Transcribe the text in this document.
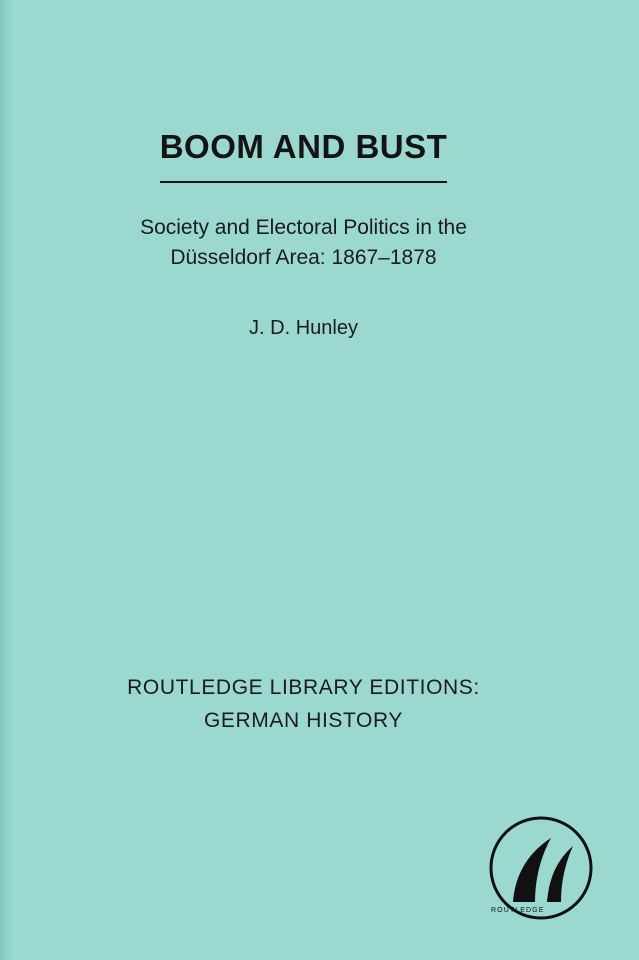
BOOM AND BUST
Society and Electoral Politics in the
Düsseldorf Area: 1867–1878
J. D. Hunley
ROUTLEDGE LIBRARY EDITIONS:
GERMAN HISTORY
ROUTLEDGE
